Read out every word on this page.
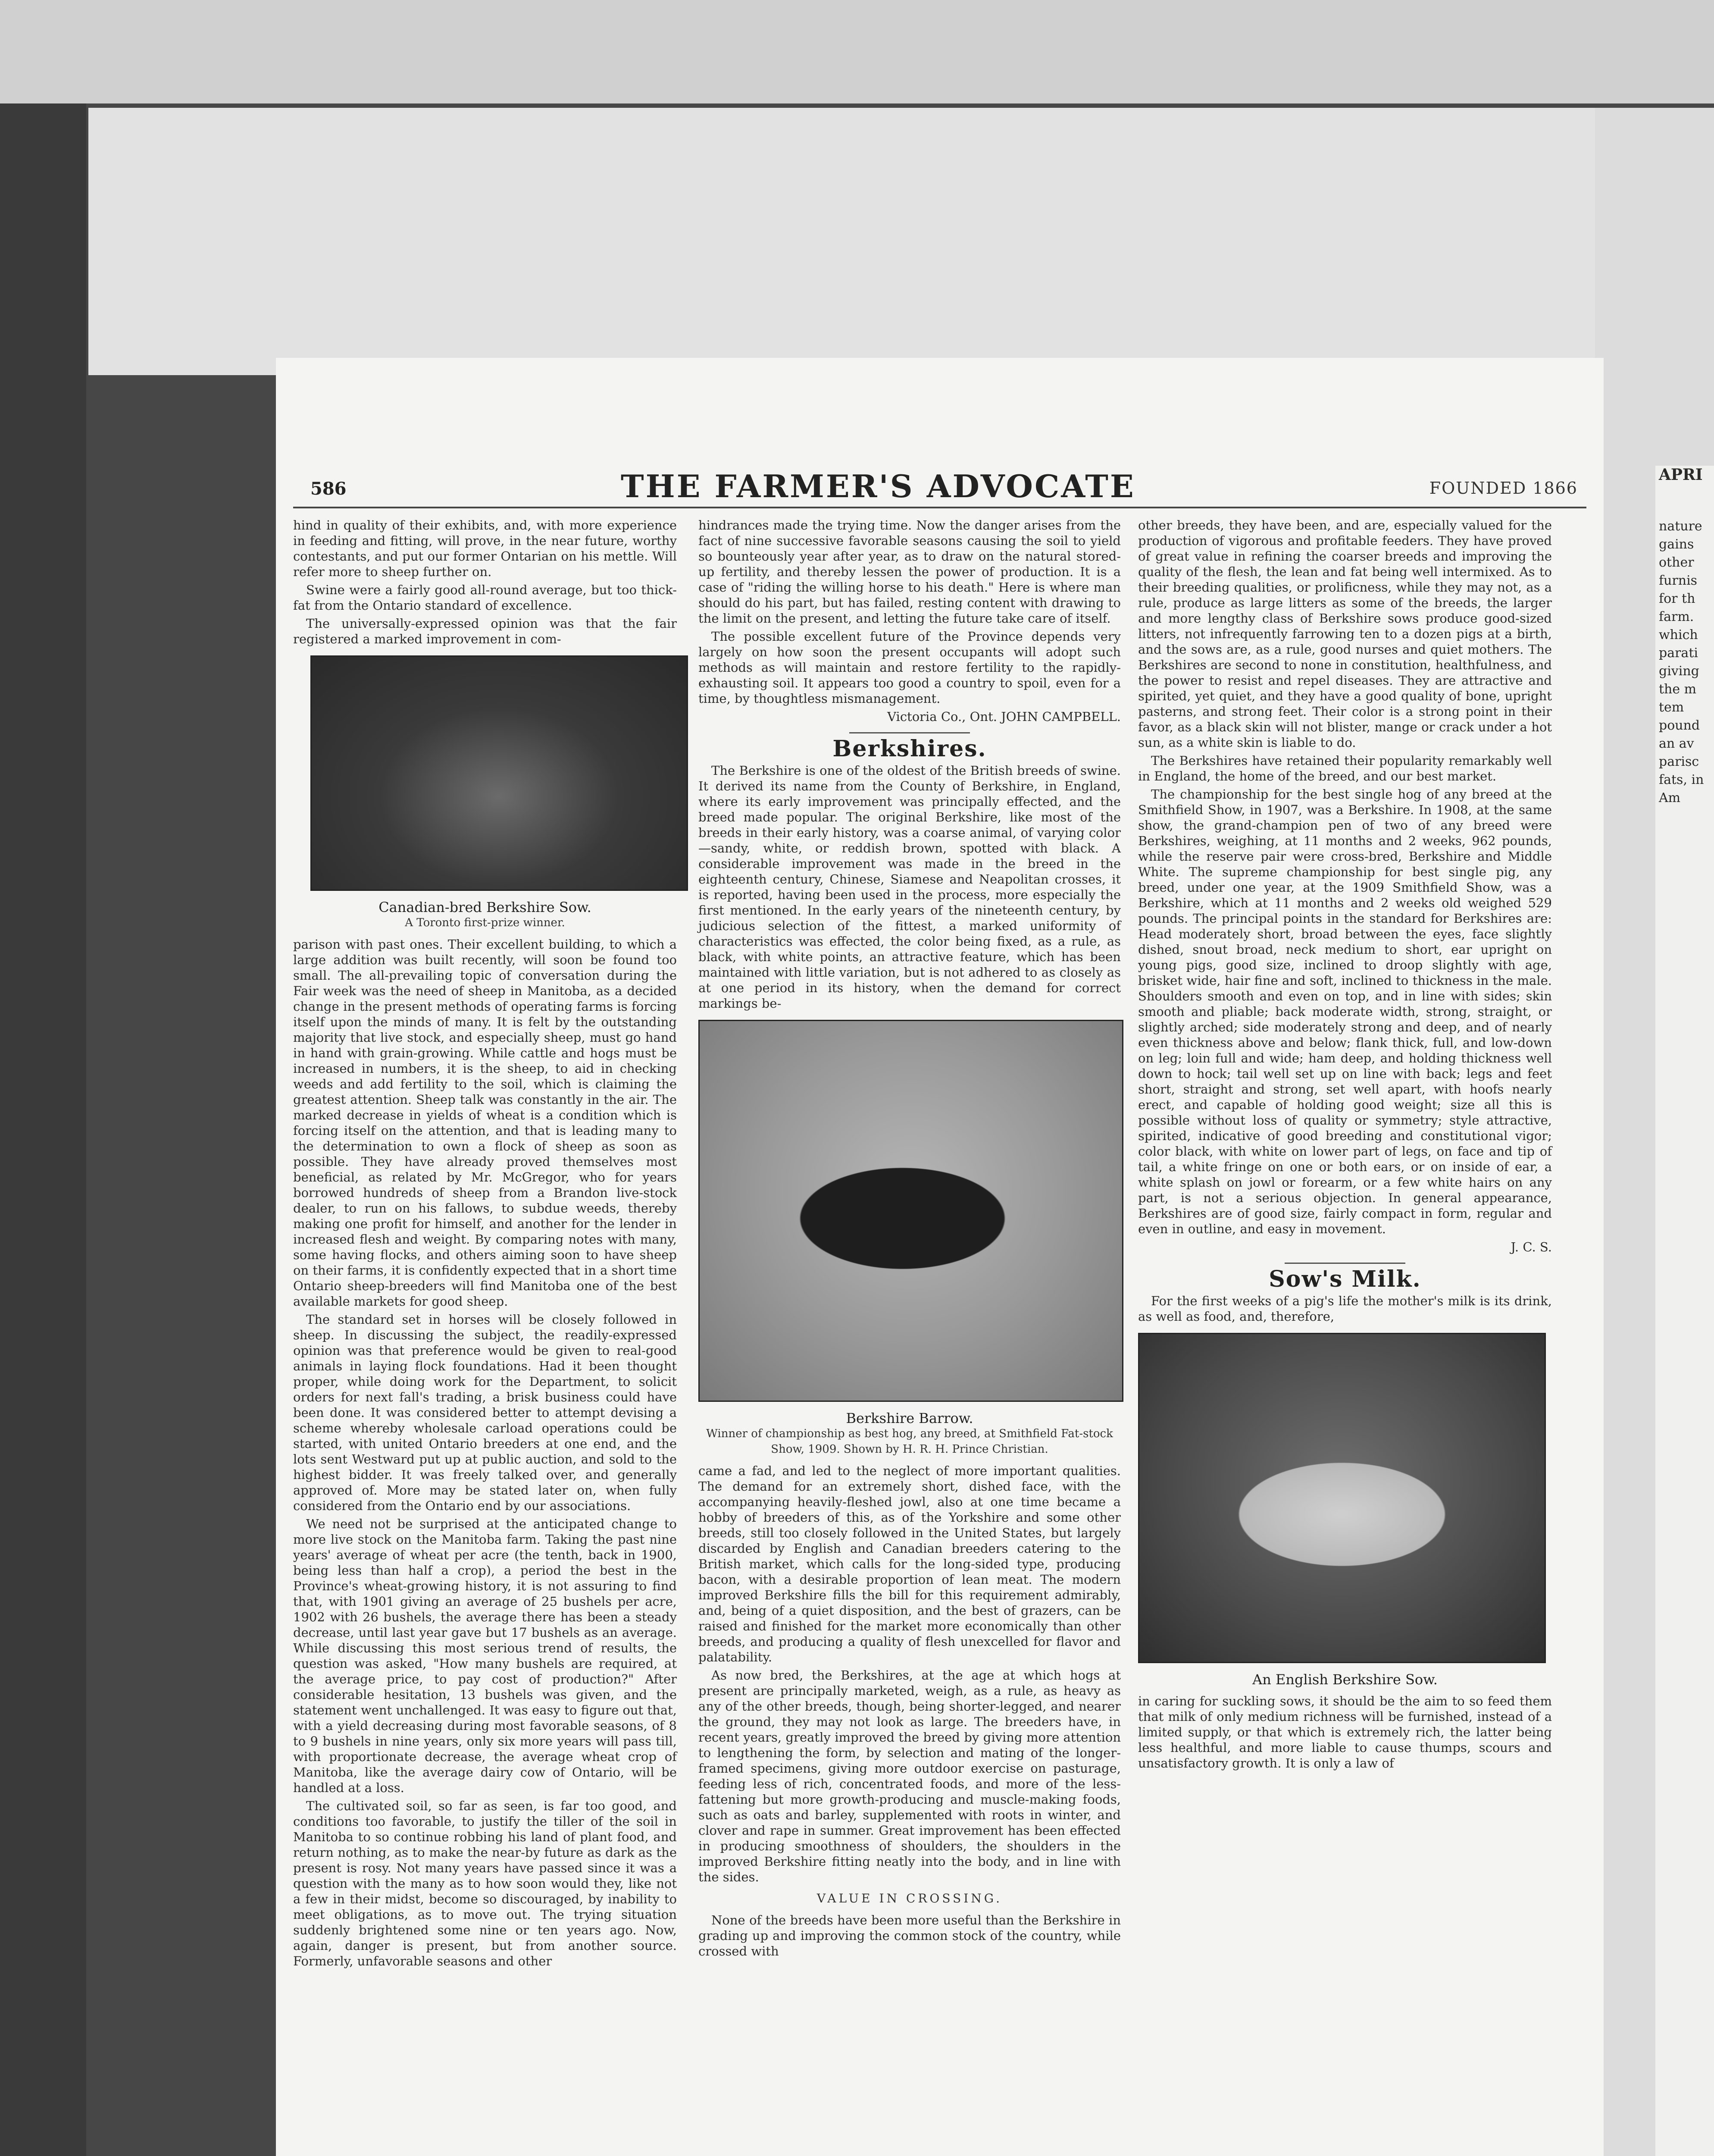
APRI
nature gains other furnis for th farm. which parati giving the m tem pound an av parisc fats, in Am
586	THE FARMER'S ADVOCATE	FOUNDED 1866

hind in quality of their exhibits, and, with more experience in feeding and fitting, will prove, in the near future, worthy contestants, and put our former Ontarian on his mettle. Will refer more to sheep further on.

Swine were a fairly good all-round average, but too thick-fat from the Ontario standard of excellence.

The universally-expressed opinion was that the fair registered a marked improvement in com-

Canadian-bred Berkshire Sow.
A Toronto first-prize winner.

parison with past ones. Their excellent building, to which a large addition was built recently, will soon be found too small. The all-prevailing topic of conversation during the Fair week was the need of sheep in Manitoba, as a decided change in the present methods of operating farms is forcing itself upon the minds of many. It is felt by the outstanding majority that live stock, and especially sheep, must go hand in hand with grain-growing. While cattle and hogs must be increased in numbers, it is the sheep, to aid in checking weeds and add fertility to the soil, which is claiming the greatest attention. Sheep talk was constantly in the air. The marked decrease in yields of wheat is a condition which is forcing itself on the attention, and that is leading many to the determination to own a flock of sheep as soon as possible. They have already proved themselves most beneficial, as related by Mr. McGregor, who for years borrowed hundreds of sheep from a Brandon live-stock dealer, to run on his fallows, to subdue weeds, thereby making one profit for himself, and another for the lender in increased flesh and weight. By comparing notes with many, some having flocks, and others aiming soon to have sheep on their farms, it is confidently expected that in a short time Ontario sheep-breeders will find Manitoba one of the best available markets for good sheep.

The standard set in horses will be closely followed in sheep. In discussing the subject, the readily-expressed opinion was that preference would be given to real-good animals in laying flock foundations. Had it been thought proper, while doing work for the Department, to solicit orders for next fall's trading, a brisk business could have been done. It was considered better to attempt devising a scheme whereby wholesale carload operations could be started, with united Ontario breeders at one end, and the lots sent Westward put up at public auction, and sold to the highest bidder. It was freely talked over, and generally approved of. More may be stated later on, when fully considered from the Ontario end by our associations.

We need not be surprised at the anticipated change to more live stock on the Manitoba farm. Taking the past nine years' average of wheat per acre (the tenth, back in 1900, being less than half a crop), a period the best in the Province's wheat-growing history, it is not assuring to find that, with 1901 giving an average of 25 bushels per acre, 1902 with 26 bushels, the average there has been a steady decrease, until last year gave but 17 bushels as an average. While discussing this most serious trend of results, the question was asked, "How many bushels are required, at the average price, to pay cost of production?" After considerable hesitation, 13 bushels was given, and the statement went unchallenged. It was easy to figure out that, with a yield decreasing during most favorable seasons, of 8 to 9 bushels in nine years, only six more years will pass till, with proportionate decrease, the average wheat crop of Manitoba, like the average dairy cow of Ontario, will be handled at a loss.

The cultivated soil, so far as seen, is far too good, and conditions too favorable, to justify the tiller of the soil in Manitoba to so continue robbing his land of plant food, and return nothing, as to make the near-by future as dark as the present is rosy. Not many years have passed since it was a question with the many as to how soon would they, like not a few in their midst, become so discouraged, by inability to meet obligations, as to move out. The trying situation suddenly brightened some nine or ten years ago. Now, again, danger is present, but from another source. Formerly, unfavorable seasons and other

hindrances made the trying time. Now the danger arises from the fact of nine successive favorable seasons causing the soil to yield so bounteously year after year, as to draw on the natural stored-up fertility, and thereby lessen the power of production. It is a case of "riding the willing horse to his death." Here is where man should do his part, but has failed, resting content with drawing to the limit on the present, and letting the future take care of itself.

The possible excellent future of the Province depends very largely on how soon the present occupants will adopt such methods as will maintain and restore fertility to the rapidly-exhausting soil. It appears too good a country to spoil, even for a time, by thoughtless mismanagement.

Victoria Co., Ont. JOHN CAMPBELL.

Berkshires.

The Berkshire is one of the oldest of the British breeds of swine. It derived its name from the County of Berkshire, in England, where its early improvement was principally effected, and the breed made popular. The original Berkshire, like most of the breeds in their early history, was a coarse animal, of varying color—sandy, white, or reddish brown, spotted with black. A considerable improvement was made in the breed in the eighteenth century, Chinese, Siamese and Neapolitan crosses, it is reported, having been used in the process, more especially the first mentioned. In the early years of the nineteenth century, by judicious selection of the fittest, a marked uniformity of characteristics was effected, the color being fixed, as a rule, as black, with white points, an attractive feature, which has been maintained with little variation, but is not adhered to as closely as at one period in its history, when the demand for correct markings be-

Berkshire Barrow.
Winner of championship as best hog, any breed, at Smithfield Fat-stock Show, 1909. Shown by H. R. H. Prince Christian.

came a fad, and led to the neglect of more important qualities. The demand for an extremely short, dished face, with the accompanying heavily-fleshed jowl, also at one time became a hobby of breeders of this, as of the Yorkshire and some other breeds, still too closely followed in the United States, but largely discarded by English and Canadian breeders catering to the British market, which calls for the long-sided type, producing bacon, with a desirable proportion of lean meat. The modern improved Berkshire fills the bill for this requirement admirably, and, being of a quiet disposition, and the best of grazers, can be raised and finished for the market more economically than other breeds, and producing a quality of flesh unexcelled for flavor and palatability.

As now bred, the Berkshires, at the age at which hogs at present are principally marketed, weigh, as a rule, as heavy as any of the other breeds, though, being shorter-legged, and nearer the ground, they may not look as large. The breeders have, in recent years, greatly improved the breed by giving more attention to lengthening the form, by selection and mating of the longer-framed specimens, giving more outdoor exercise on pasturage, feeding less of rich, concentrated foods, and more of the less-fattening but more growth-producing and muscle-making foods, such as oats and barley, supplemented with roots in winter, and clover and rape in summer. Great improvement has been effected in producing smoothness of shoulders, the shoulders in the improved Berkshire fitting neatly into the body, and in line with the sides.

VALUE IN CROSSING.

None of the breeds have been more useful than the Berkshire in grading up and improving the common stock of the country, while crossed with

other breeds, they have been, and are, especially valued for the production of vigorous and profitable feeders. They have proved of great value in refining the coarser breeds and improving the quality of the flesh, the lean and fat being well intermixed. As to their breeding qualities, or prolificness, while they may not, as a rule, produce as large litters as some of the breeds, the larger and more lengthy class of Berkshire sows produce good-sized litters, not infrequently farrowing ten to a dozen pigs at a birth, and the sows are, as a rule, good nurses and quiet mothers. The Berkshires are second to none in constitution, healthfulness, and the power to resist and repel diseases. They are attractive and spirited, yet quiet, and they have a good quality of bone, upright pasterns, and strong feet. Their color is a strong point in their favor, as a black skin will not blister, mange or crack under a hot sun, as a white skin is liable to do.

The Berkshires have retained their popularity remarkably well in England, the home of the breed, and our best market.

The championship for the best single hog of any breed at the Smithfield Show, in 1907, was a Berkshire. In 1908, at the same show, the grand-champion pen of two of any breed were Berkshires, weighing, at 11 months and 2 weeks, 962 pounds, while the reserve pair were cross-bred, Berkshire and Middle White. The supreme championship for best single pig, any breed, under one year, at the 1909 Smithfield Show, was a Berkshire, which at 11 months and 2 weeks old weighed 529 pounds. The principal points in the standard for Berkshires are: Head moderately short, broad between the eyes, face slightly dished, snout broad, neck medium to short, ear upright on young pigs, good size, inclined to droop slightly with age, brisket wide, hair fine and soft, inclined to thickness in the male. Shoulders smooth and even on top, and in line with sides; skin smooth and pliable; back moderate width, strong, straight, or slightly arched; side moderately strong and deep, and of nearly even thickness above and below; flank thick, full, and low-down on leg; loin full and wide; ham deep, and holding thickness well down to hock; tail well set up on line with back; legs and feet short, straight and strong, set well apart, with hoofs nearly erect, and capable of holding good weight; size all this is possible without loss of quality or symmetry; style attractive, spirited, indicative of good breeding and constitutional vigor; color black, with white on lower part of legs, on face and tip of tail, a white fringe on one or both ears, or on inside of ear, a white splash on jowl or forearm, or a few white hairs on any part, is not a serious objection. In general appearance, Berkshires are of good size, fairly compact in form, regular and even in outline, and easy in movement.

J. C. S.

Sow's Milk.

For the first weeks of a pig's life the mother's milk is its drink, as well as food, and, therefore,

An English Berkshire Sow.

in caring for suckling sows, it should be the aim to so feed them that milk of only medium richness will be furnished, instead of a limited supply, or that which is extremely rich, the latter being less healthful, and more liable to cause thumps, scours and unsatisfactory growth. It is only a law of
